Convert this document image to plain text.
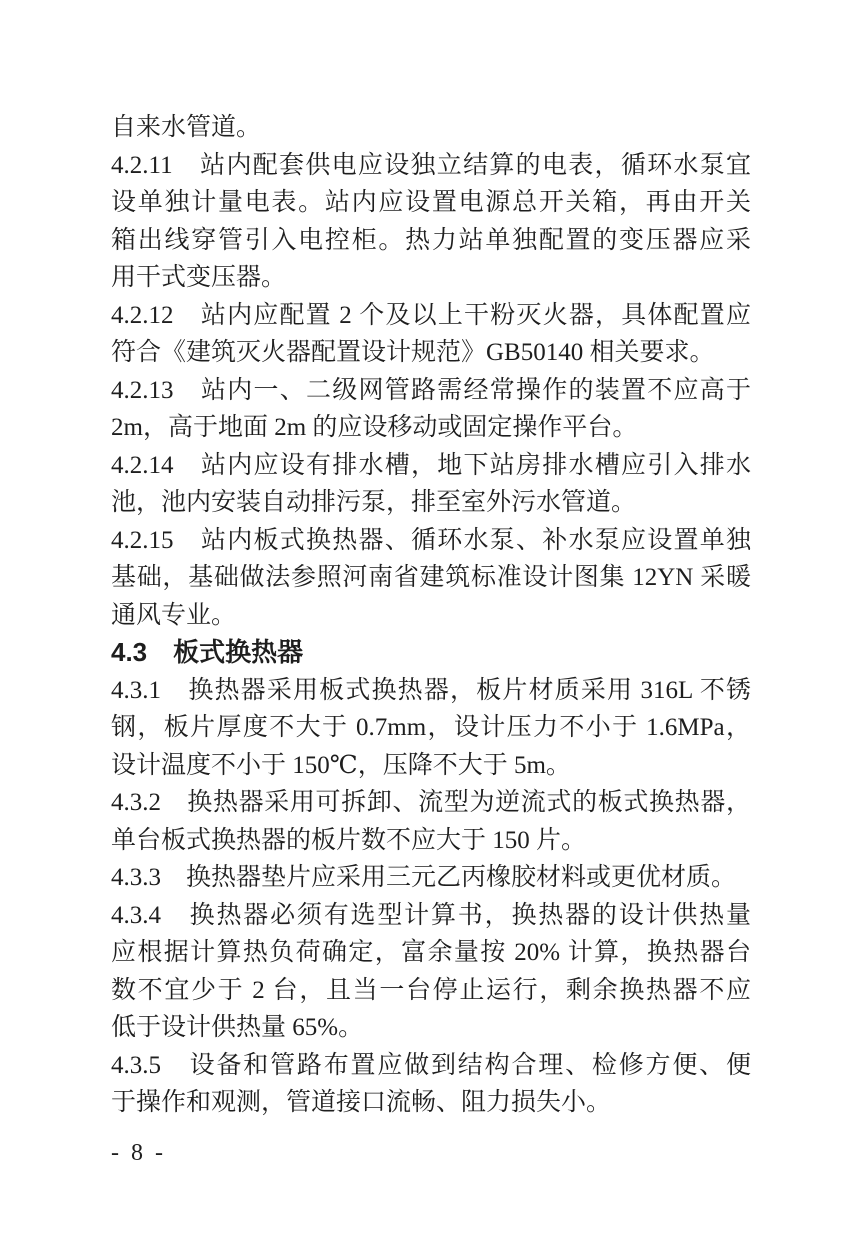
自来水管道。
4.2.11　站内配套供电应设独立结算的电表，循环水泵宜
设单独计量电表。站内应设置电源总开关箱，再由开关
箱出线穿管引入电控柜。热力站单独配置的变压器应采
用干式变压器。
4.2.12　站内应配置 2 个及以上干粉灭火器，具体配置应
符合《建筑灭火器配置设计规范》GB50140 相关要求。
4.2.13　站内一、二级网管路需经常操作的装置不应高于
2m，高于地面 2m 的应设移动或固定操作平台。
4.2.14　站内应设有排水槽，地下站房排水槽应引入排水
池，池内安装自动排污泵，排至室外污水管道。
4.2.15　站内板式换热器、循环水泵、补水泵应设置单独
基础，基础做法参照河南省建筑标准设计图集 12YN 采暖
通风专业。
4.3　板式换热器
4.3.1　换热器采用板式换热器，板片材质采用 316L 不锈
钢，板片厚度不大于 0.7mm，设计压力不小于 1.6MPa，
设计温度不小于 150℃，压降不大于 5m。
4.3.2　换热器采用可拆卸、流型为逆流式的板式换热器，
单台板式换热器的板片数不应大于 150 片。
4.3.3　换热器垫片应采用三元乙丙橡胶材料或更优材质。
4.3.4　换热器必须有选型计算书，换热器的设计供热量
应根据计算热负荷确定，富余量按 20% 计算，换热器台
数不宜少于 2 台，且当一台停止运行，剩余换热器不应
低于设计供热量 65%。
4.3.5　设备和管路布置应做到结构合理、检修方便、便
于操作和观测，管道接口流畅、阻力损失小。
- 8 -
